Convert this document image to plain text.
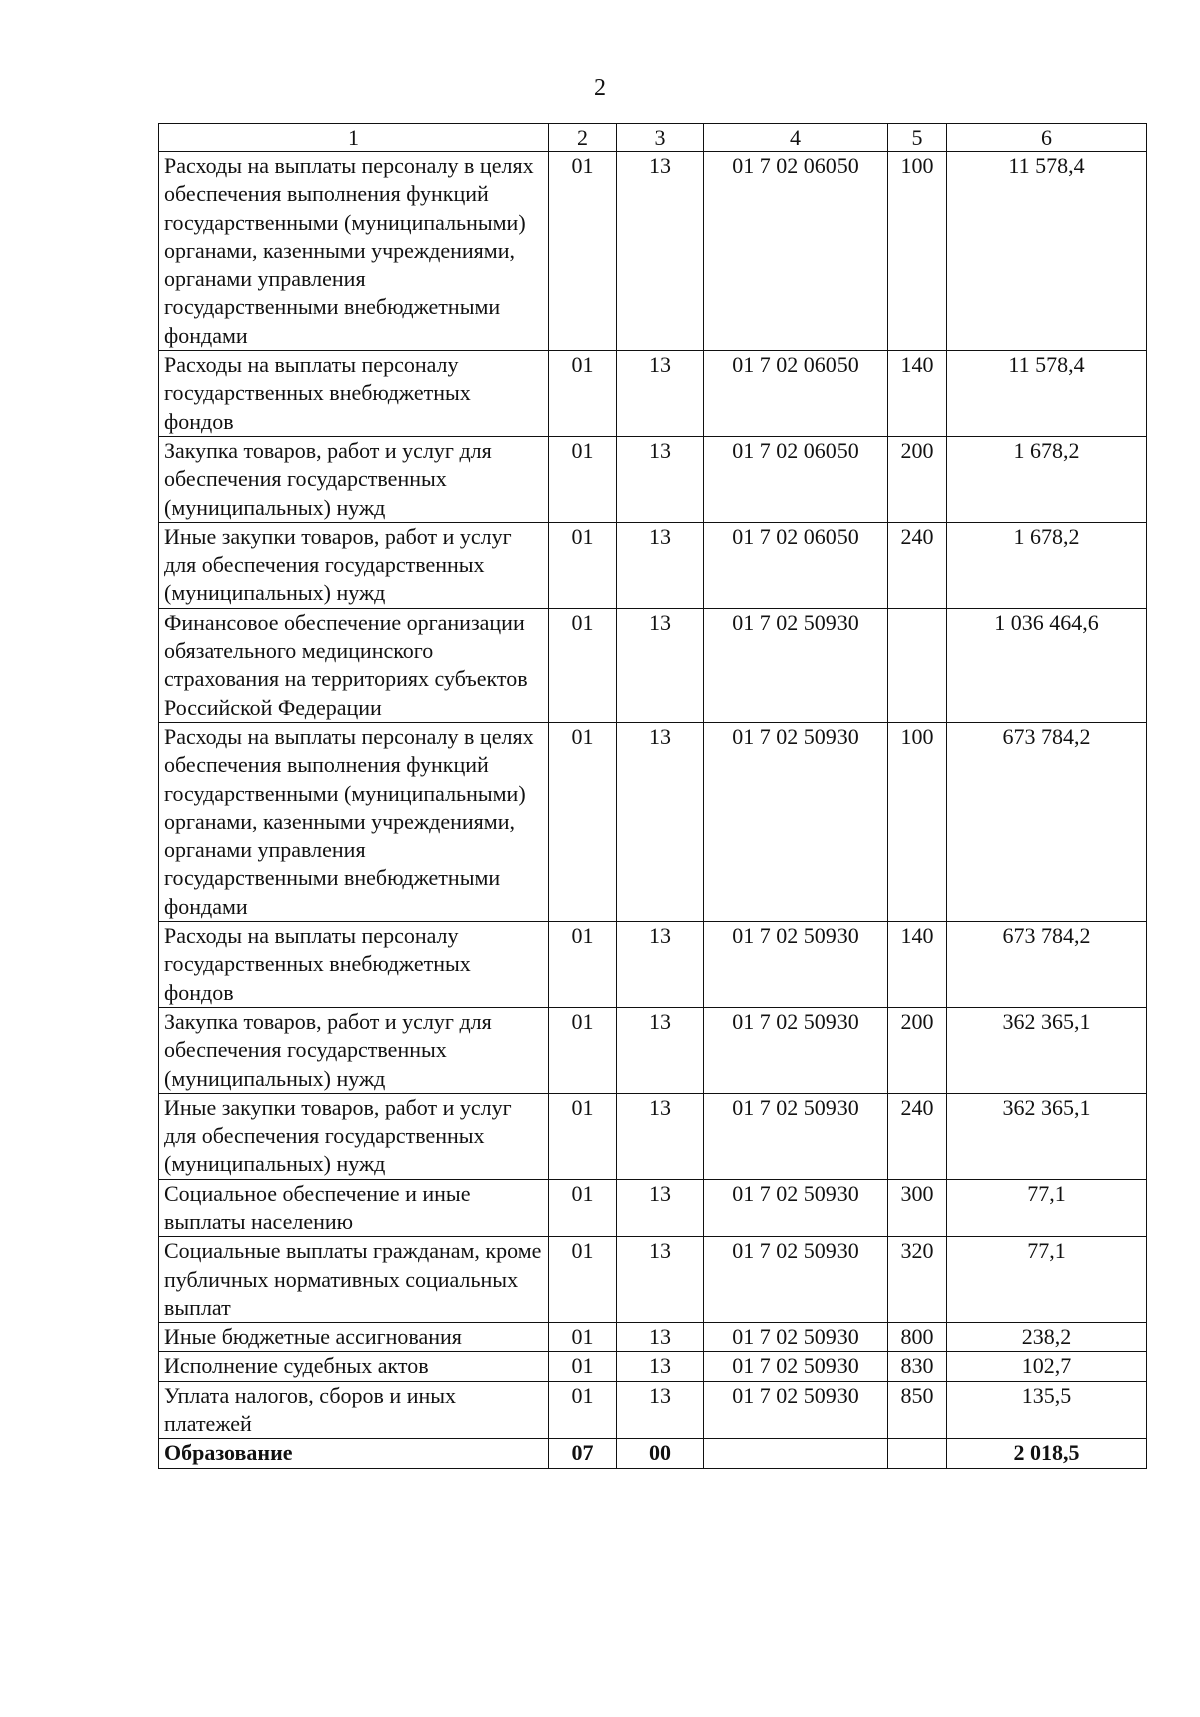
2
1	2	3	4	5	6
Расходы на выплаты персоналу в целях обеспечения выполнения функций государственными (муниципальными) органами, казенными учреждениями, органами управления государственными внебюджетными фондами	01	13	01 7 02 06050	100	11 578,4
Расходы на выплаты персоналу государственных внебюджетных фондов	01	13	01 7 02 06050	140	11 578,4
Закупка товаров, работ и услуг для обеспечения государственных (муниципальных) нужд	01	13	01 7 02 06050	200	1 678,2
Иные закупки товаров, работ и услуг для обеспечения государственных (муниципальных) нужд	01	13	01 7 02 06050	240	1 678,2
Финансовое обеспечение организации обязательного медицинского страхования на территориях субъектов Российской Федерации	01	13	01 7 02 50930		1 036 464,6
Расходы на выплаты персоналу в целях обеспечения выполнения функций государственными (муниципальными) органами, казенными учреждениями, органами управления государственными внебюджетными фондами	01	13	01 7 02 50930	100	673 784,2
Расходы на выплаты персоналу государственных внебюджетных фондов	01	13	01 7 02 50930	140	673 784,2
Закупка товаров, работ и услуг для обеспечения государственных (муниципальных) нужд	01	13	01 7 02 50930	200	362 365,1
Иные закупки товаров, работ и услуг для обеспечения государственных (муниципальных) нужд	01	13	01 7 02 50930	240	362 365,1
Социальное обеспечение и иные выплаты населению	01	13	01 7 02 50930	300	77,1
Социальные выплаты гражданам, кроме публичных нормативных социальных выплат	01	13	01 7 02 50930	320	77,1
Иные бюджетные ассигнования	01	13	01 7 02 50930	800	238,2
Исполнение судебных актов	01	13	01 7 02 50930	830	102,7
Уплата налогов, сборов и иных платежей	01	13	01 7 02 50930	850	135,5
Образование	07	00			2 018,5
